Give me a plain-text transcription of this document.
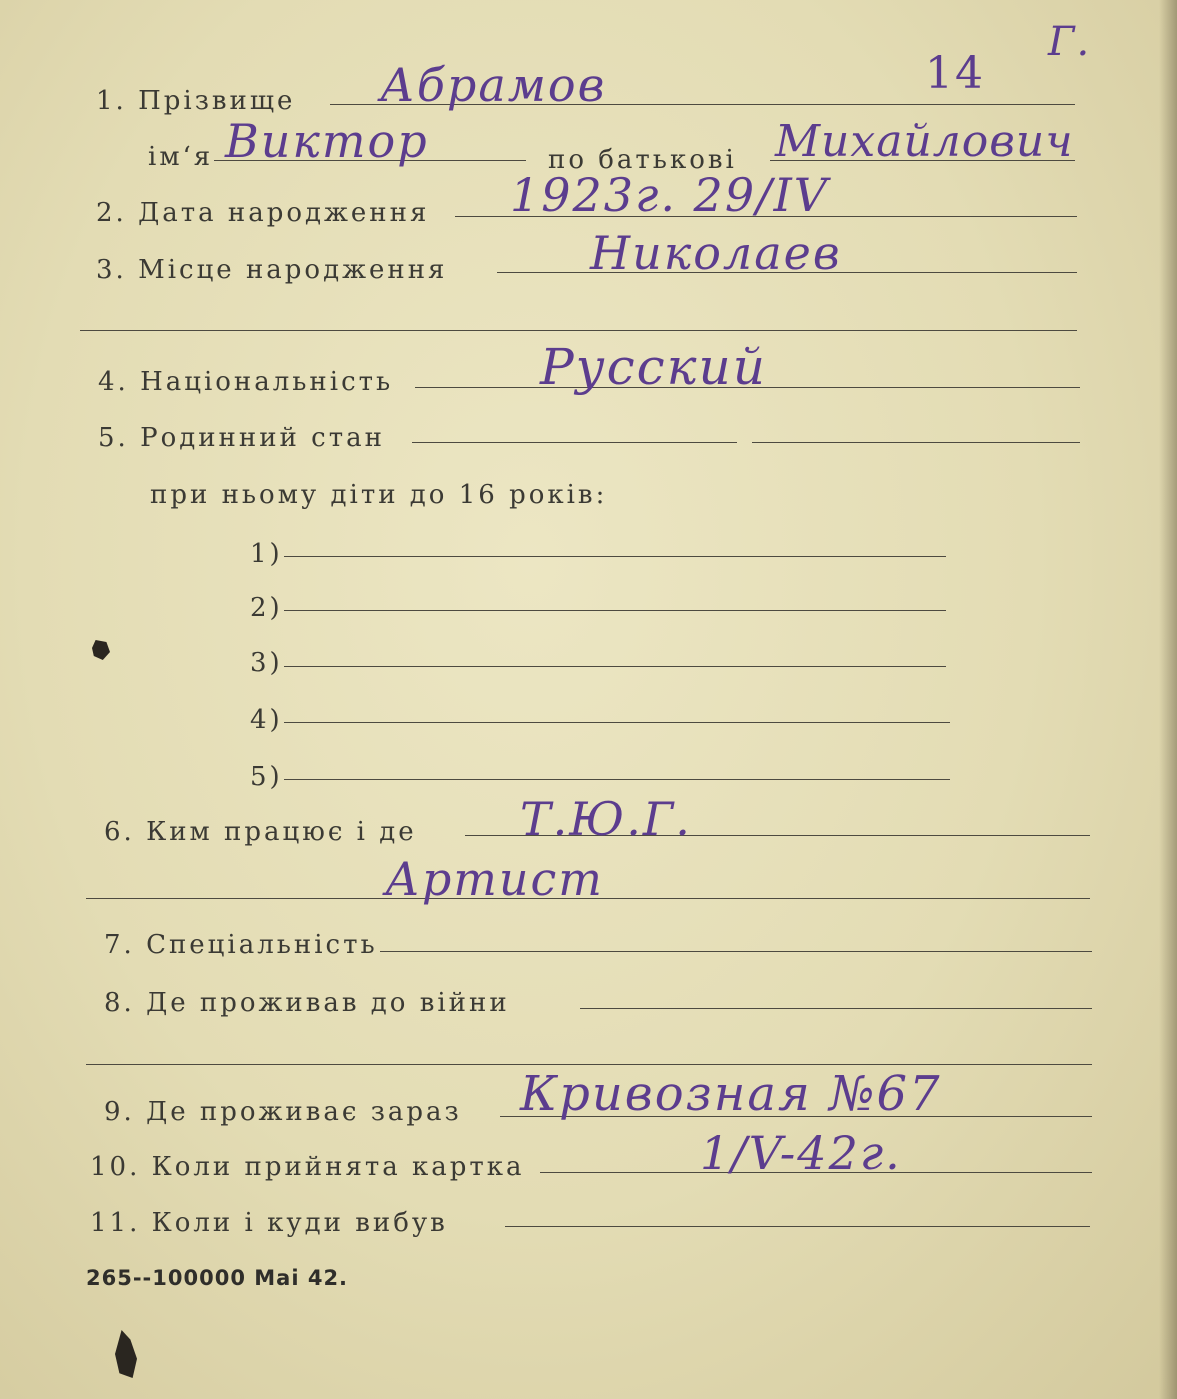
1. Прізвище Абрамов	14
Г.
ім‘я Виктор	по батькові Михайлович
2. Дата народження 1923г. 29/IV
3. Місце народження	Николаев
4. Національність	Русский
5. Родинний стан
при ньому діти до 16 років:
1)
2)
3)
4)
5)
6. Ким працює і де Т.Ю.Г.
Артист
7. Спеціальність
8. Де проживав до війни
9. Де проживає зараз Кривозная №67
10. Коли прийнята картка	1/V-42г.
11. Коли і куди вибув
265--100000 Mai 42.
